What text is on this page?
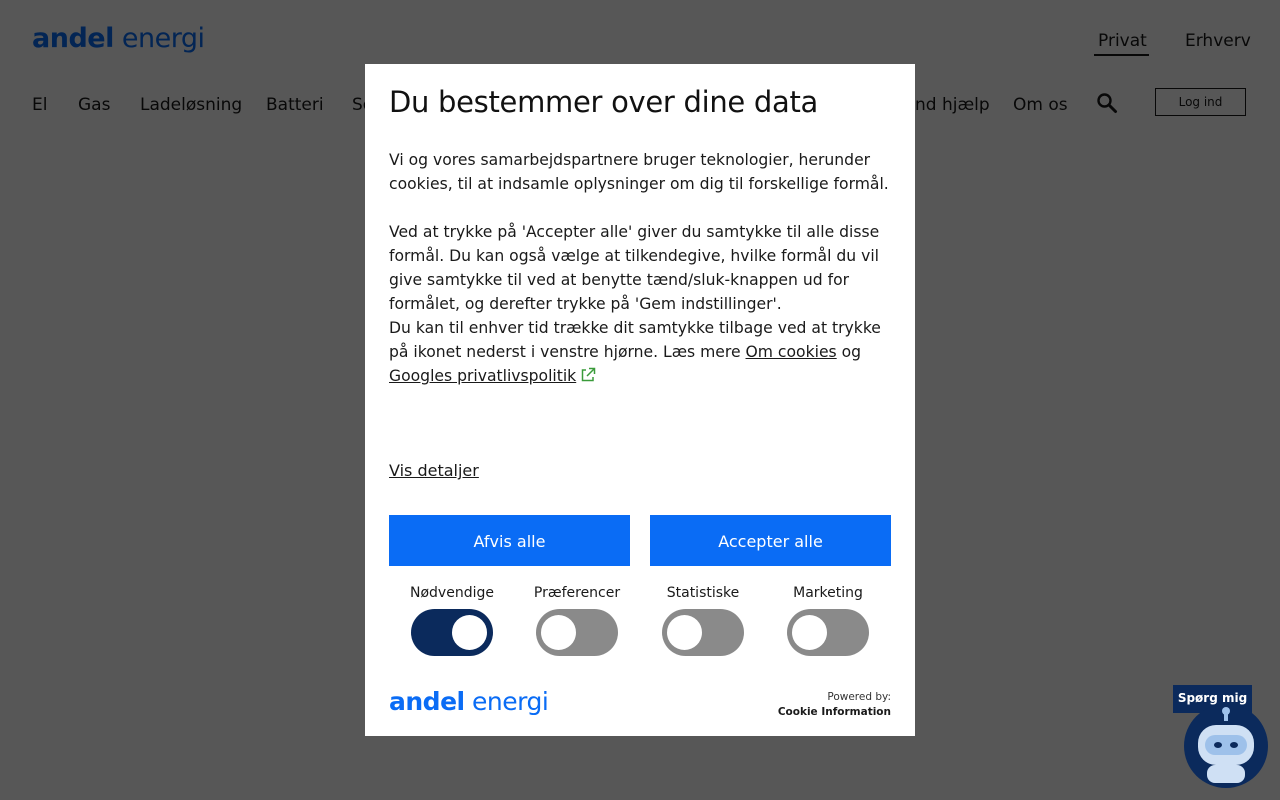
Spørg mig
Du bestemmer over dine data

Vi og vores samarbejdspartnere bruger teknologier, herunder cookies, til at indsamle oplysninger om dig til forskellige formål.

Ved at trykke på 'Accepter alle' giver du samtykke til alle disse formål. Du kan også vælge at tilkendegive, hvilke formål du vil give samtykke til ved at benytte tænd/sluk-knappen ud for formålet, og derefter trykke på 'Gem indstillinger'.

Du kan til enhver tid trække dit samtykke tilbage ved at trykke på ikonet nederst i venstre hjørne. Læs mere Om cookies og Googles privatlivspolitik

Vis detaljer
Afvis alle	Accepter alle
Nødvendige	Præferencer	Statistiske	Marketing
andel energi	Powered by:
Cookie Information
